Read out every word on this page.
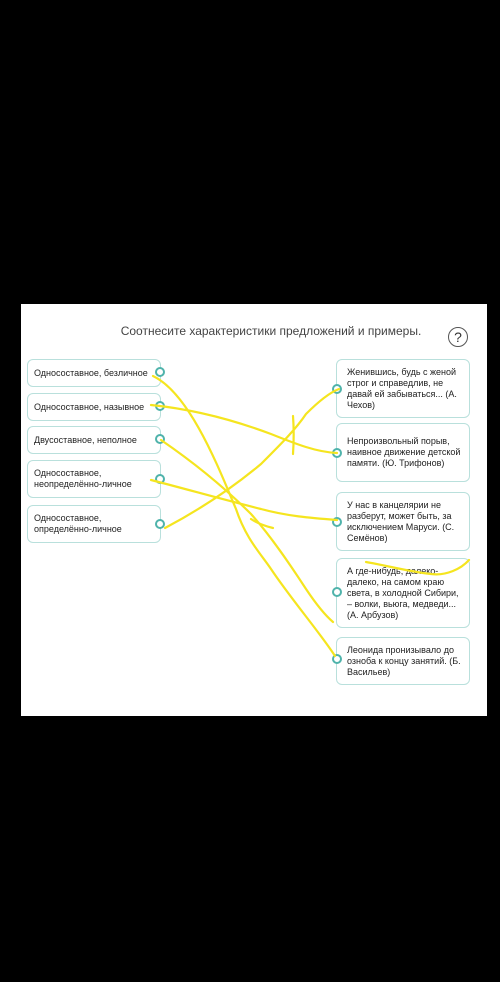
Соотнесите характеристики предложений и примеры.	?
Односоставное, безличное
Односоставное, назывное
Двусоставное, неполное
Односоставное, неопределённо-личное
Односоставное, определённо-личное
Женившись, будь с женой строг и справедлив, не давай ей забываться... (А. Чехов)
Непроизвольный порыв, наивное движение детской памяти. (Ю. Трифонов)
У нас в канцелярии не разберут, может быть, за исключением Маруси. (С. Семёнов)
А где-нибудь, далеко-далеко, на самом краю света, в холодной Сибири, – волки, вьюга, медведи... (А. Арбузов)
Леонида пронизывало до озноба к концу занятий. (Б. Васильев)
